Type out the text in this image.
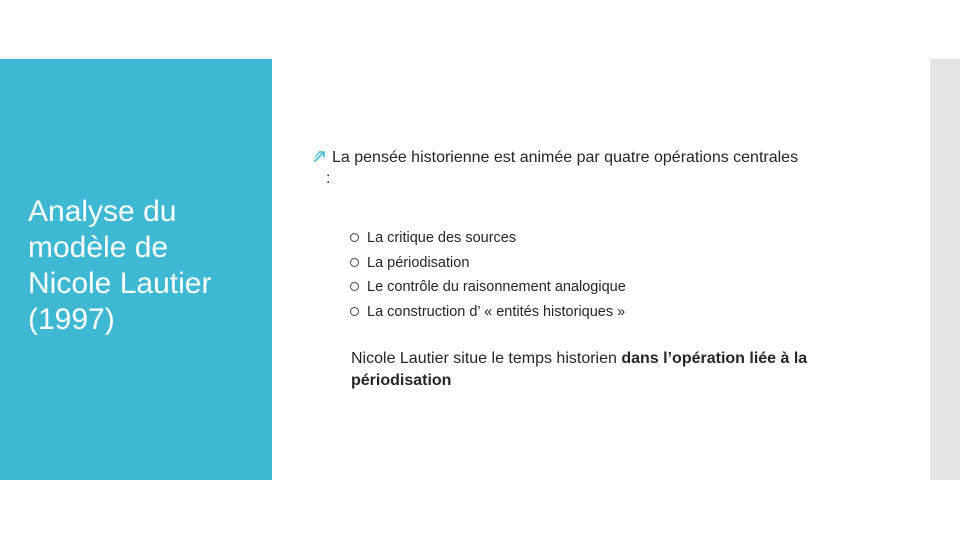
Analyse du modèle de Nicole Lautier (1997)
La pensée historienne est animée par quatre opérations centrales
:
La critique des sources
La périodisation
Le contrôle du raisonnement analogique
La construction d’ « entités historiques »
Nicole Lautier situe le temps historien dans l’opération liée à la périodisation
